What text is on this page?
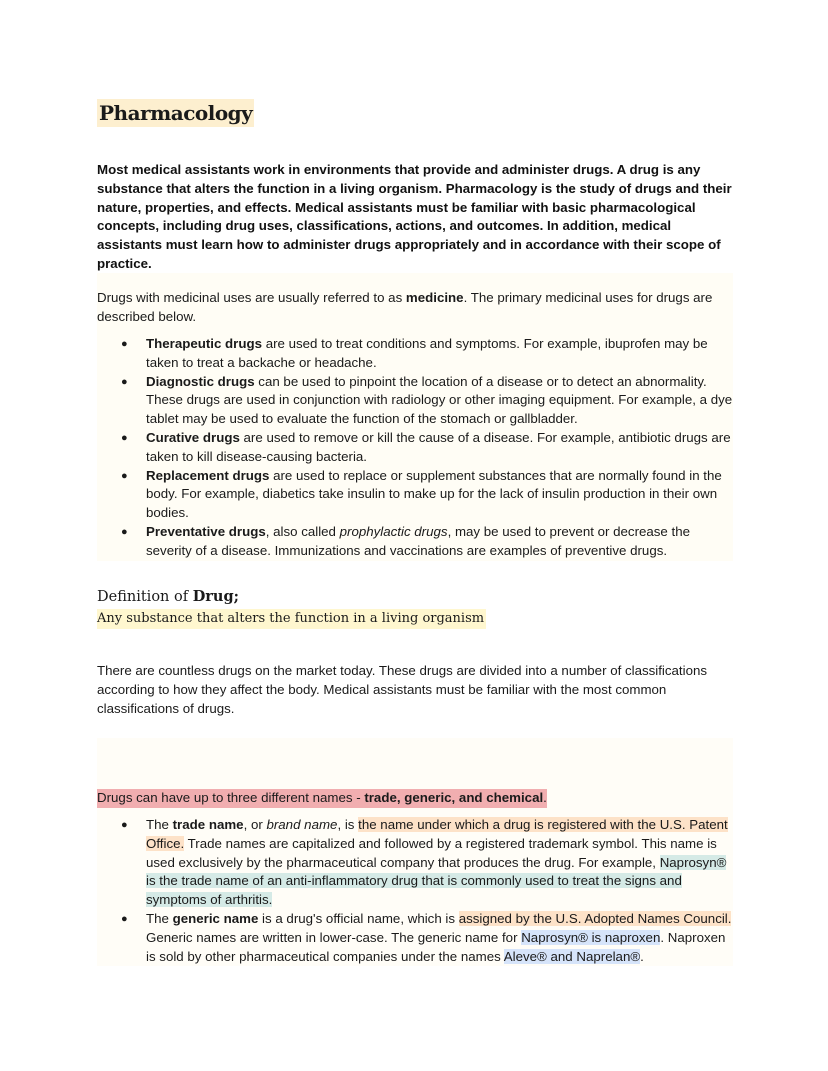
Pharmacology

Most medical assistants work in environments that provide and administer drugs. A drug is any substance that alters the function in a living organism. Pharmacology is the study of drugs and their nature, properties, and effects. Medical assistants must be familiar with basic pharmacological concepts, including drug uses, classifications, actions, and outcomes. In addition, medical assistants must learn how to administer drugs appropriately and in accordance with their scope of practice.

Drugs with medicinal uses are usually referred to as medicine. The primary medicinal uses for drugs are described below.

● Therapeutic drugs are used to treat conditions and symptoms. For example, ibuprofen may be taken to treat a backache or headache.
● Diagnostic drugs can be used to pinpoint the location of a disease or to detect an abnormality. These drugs are used in conjunction with radiology or other imaging equipment. For example, a dye tablet may be used to evaluate the function of the stomach or gallbladder.
● Curative drugs are used to remove or kill the cause of a disease. For example, antibiotic drugs are taken to kill disease-causing bacteria.
● Replacement drugs are used to replace or supplement substances that are normally found in the body. For example, diabetics take insulin to make up for the lack of insulin production in their own bodies.
● Preventative drugs, also called prophylactic drugs, may be used to prevent or decrease the severity of a disease. Immunizations and vaccinations are examples of preventive drugs.
Definition of Drug;
Any substance that alters the function in a living organism

There are countless drugs on the market today. These drugs are divided into a number of classifications according to how they affect the body. Medical assistants must be familiar with the most common classifications of drugs.

Drugs can have up to three different names - trade, generic, and chemical.
● The trade name, or brand name, is the name under which a drug is registered with the U.S. Patent Office. Trade names are capitalized and followed by a registered trademark symbol. This name is used exclusively by the pharmaceutical company that produces the drug. For example, Naprosyn® is the trade name of an anti-inflammatory drug that is commonly used to treat the signs and symptoms of arthritis.
● The generic name is a drug's official name, which is assigned by the U.S. Adopted Names Council. Generic names are written in lower-case. The generic name for Naprosyn® is naproxen. Naproxen is sold by other pharmaceutical companies under the names Aleve® and Naprelan®.
